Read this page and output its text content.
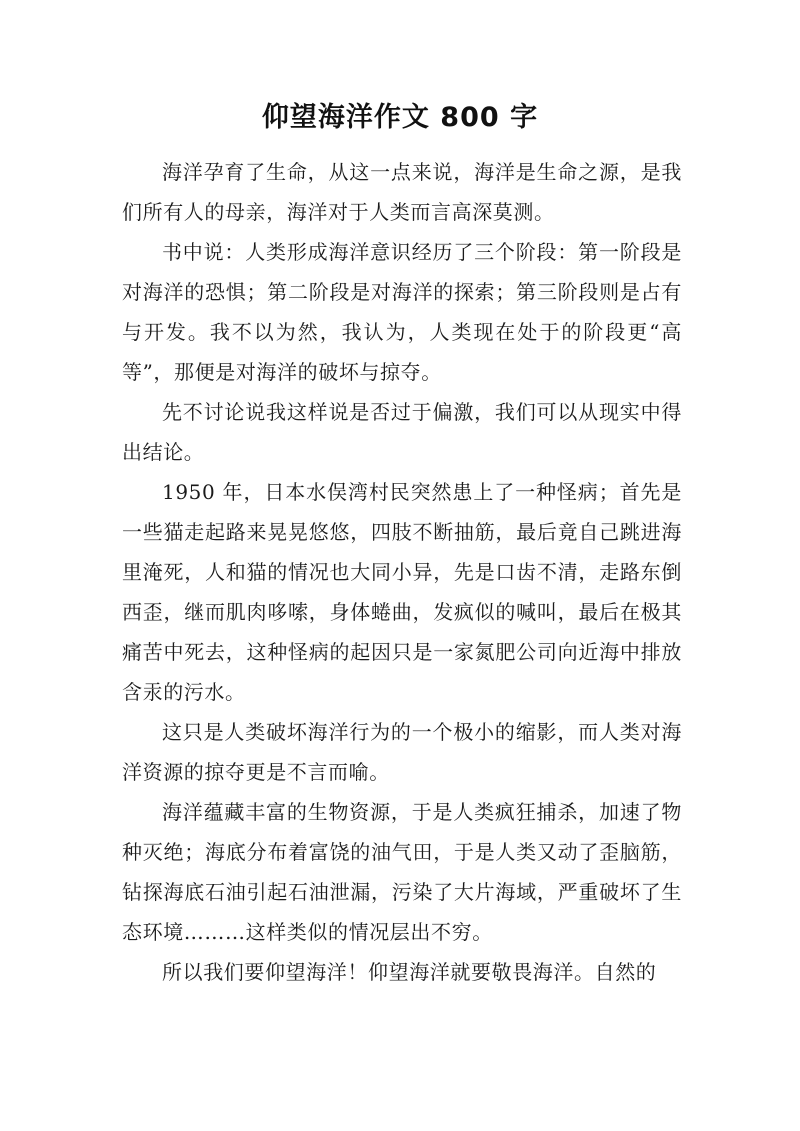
仰望海洋作文 800 字

海洋孕育了生命，从这一点来说，海洋是生命之源，是我们所有人的母亲，海洋对于人类而言高深莫测。

书中说：人类形成海洋意识经历了三个阶段：第一阶段是对海洋的恐惧；第二阶段是对海洋的探索；第三阶段则是占有与开发。我不以为然，我认为，人类现在处于的阶段更“高等”，那便是对海洋的破坏与掠夺。

先不讨论说我这样说是否过于偏激，我们可以从现实中得出结论。

1950 年，日本水俣湾村民突然患上了一种怪病；首先是一些猫走起路来晃晃悠悠，四肢不断抽筋，最后竟自己跳进海里淹死，人和猫的情况也大同小异，先是口齿不清，走路东倒西歪，继而肌肉哆嗦，身体蜷曲，发疯似的喊叫，最后在极其痛苦中死去，这种怪病的起因只是一家氮肥公司向近海中排放含汞的污水。

这只是人类破坏海洋行为的一个极小的缩影，而人类对海洋资源的掠夺更是不言而喻。

海洋蕴藏丰富的生物资源，于是人类疯狂捕杀，加速了物种灭绝；海底分布着富饶的油气田，于是人类又动了歪脑筋，钻探海底石油引起石油泄漏，污染了大片海域，严重破坏了生态环境………这样类似的情况层出不穷。

所以我们要仰望海洋！仰望海洋就要敬畏海洋。自然的
